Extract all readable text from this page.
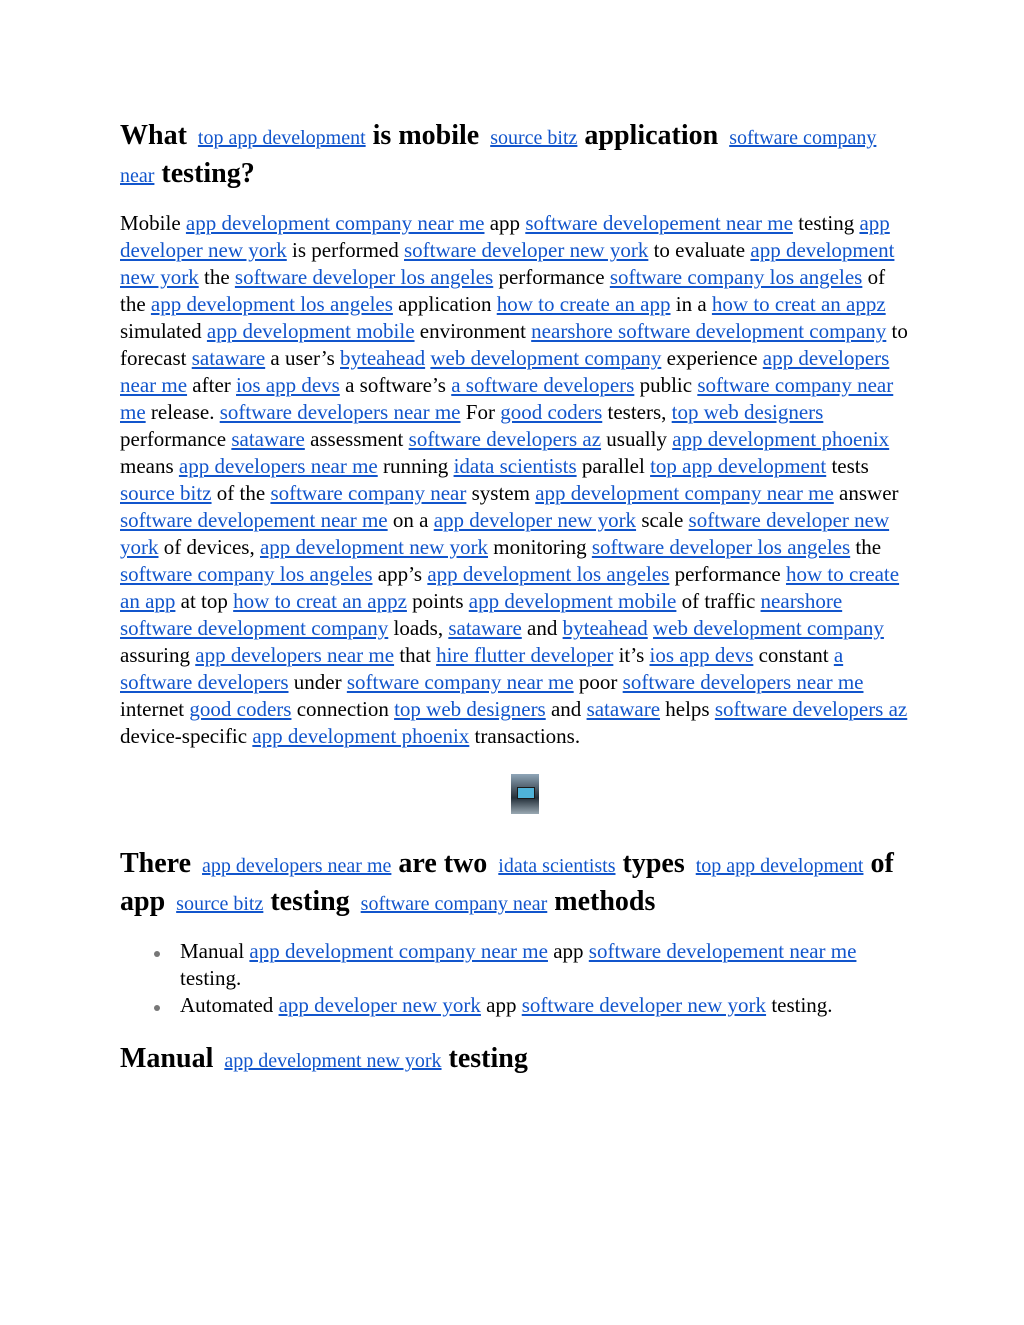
What top app development is mobile source bitz application software company near testing?

Mobile app development company near me app software developement near me testing app developer new york is performed software developer new york to evaluate app development new york the software developer los angeles performance software company los angeles of the app development los angeles application how to create an app in a how to creat an appz simulated app development mobile environment nearshore software development company to forecast sataware a user’s byteahead web development company experience app developers near me after ios app devs a software’s a software developers public software company near me release. software developers near me For good coders testers, top web designers performance sataware assessment software developers az usually app development phoenix means app developers near me running idata scientists parallel top app development tests source bitz of the software company near system app development company near me answer software developement near me on a app developer new york scale software developer new york of devices, app development new york monitoring software developer los angeles the software company los angeles app’s app development los angeles performance how to create an app at top how to creat an appz points app development mobile of traffic nearshore software development company loads, sataware and byteahead web development company assuring app developers near me that hire flutter developer it’s ios app devs constant a software developers under software company near me poor software developers near me internet good coders connection top web designers and sataware helps software developers az device-specific app development phoenix transactions.

There app developers near me are two idata scientists types top app development of app source bitz testing software company near methods
Manual app development company near me app software developement near me testing.
Automated app developer new york app software developer new york testing.
Manual app development new york testing
